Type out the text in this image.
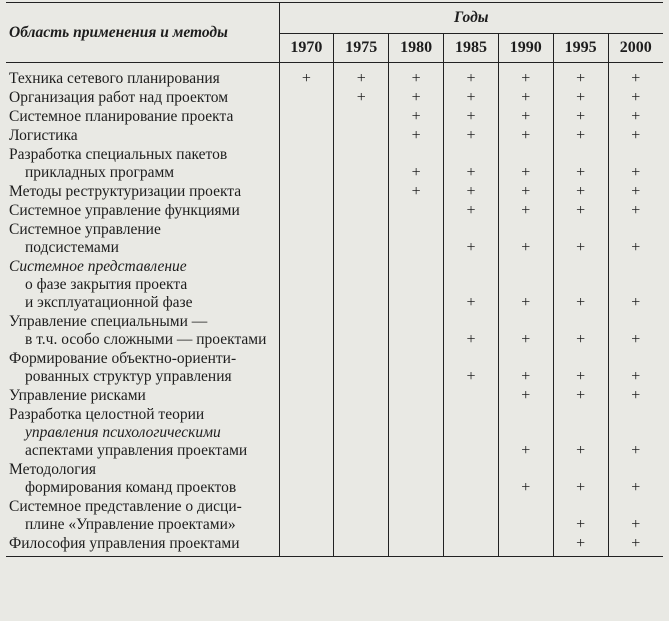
Область применения и методы	Годы						
	1970	1975	1980	1985	1990	1995	2000

Техника сетевого планирования	+	+	+	+	+	+	+

Организация работ над проектом		+	+	+	+	+	+

Системное планирование проекта			+	+	+	+	+

Логистика			+	+	+	+	+

Разработка специальных пакетов
прикладных программ			+	+	+	+	+

Методы реструктуризации проекта			+	+	+	+	+

Системное управление функциями				+	+	+	+

Системное управление
подсистемами				+	+	+	+

Системное представление
о фазе закрытия проекта
и эксплуатационной фазе				+	+	+	+

Управление специальными —
в т.ч. особо сложными — проектами				+	+	+	+

Формирование объектно-ориенти-
рованных структур управления				+	+	+	+

Управление рисками					+	+	+

Разработка целостной теории
управления психологическими
аспектами управления проектами					+	+	+

Методология
формирования команд проектов					+	+	+

Системное представление о дисци-
плине «Управление проектами»						+	+

Философия управления проектами						+	+
